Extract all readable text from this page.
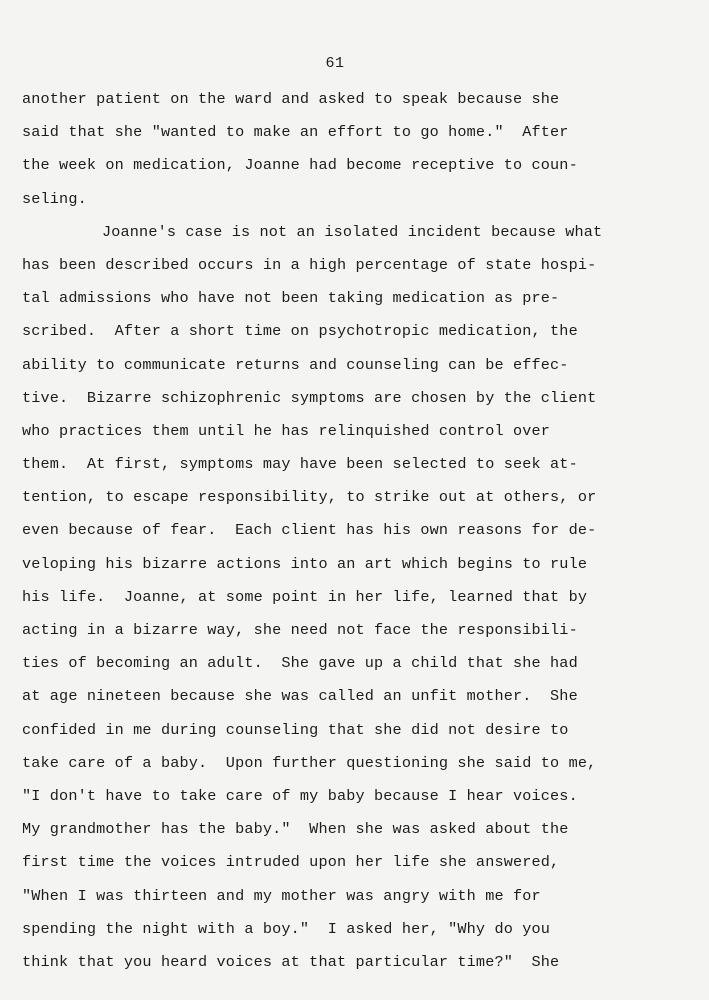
61
another patient on the ward and asked to speak because she
said that she "wanted to make an effort to go home."  After
the week on medication, Joanne had become receptive to coun-
seling.
Joanne's case is not an isolated incident because what
has been described occurs in a high percentage of state hospi-
tal admissions who have not been taking medication as pre-
scribed.  After a short time on psychotropic medication, the
ability to communicate returns and counseling can be effec-
tive.  Bizarre schizophrenic symptoms are chosen by the client
who practices them until he has relinquished control over
them.  At first, symptoms may have been selected to seek at-
tention, to escape responsibility, to strike out at others, or
even because of fear.  Each client has his own reasons for de-
veloping his bizarre actions into an art which begins to rule
his life.  Joanne, at some point in her life, learned that by
acting in a bizarre way, she need not face the responsibili-
ties of becoming an adult.  She gave up a child that she had
at age nineteen because she was called an unfit mother.  She
confided in me during counseling that she did not desire to
take care of a baby.  Upon further questioning she said to me,
"I don't have to take care of my baby because I hear voices.
My grandmother has the baby."  When she was asked about the
first time the voices intruded upon her life she answered,
"When I was thirteen and my mother was angry with me for
spending the night with a boy."  I asked her, "Why do you
think that you heard voices at that particular time?"  She
